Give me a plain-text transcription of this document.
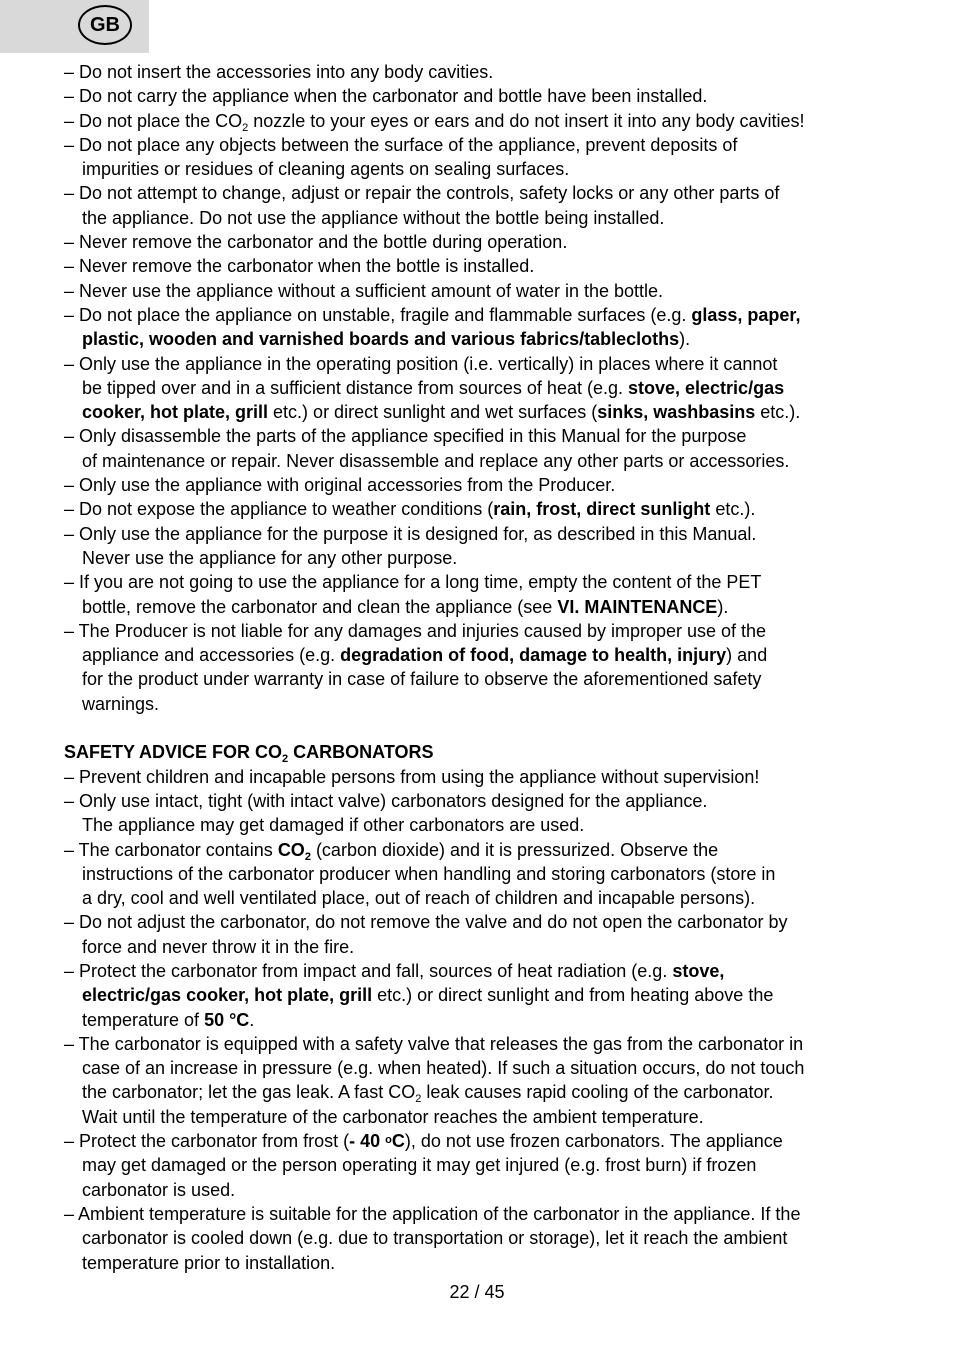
GB
– Do not insert the accessories into any body cavities.
– Do not carry the appliance when the carbonator and bottle have been installed.
– Do not place the $CO_2$ nozzle to your eyes or ears and do not insert it into any body cavities!
– Do not place any objects between the surface of the appliance, prevent deposits of
impurities or residues of cleaning agents on sealing surfaces.
– Do not attempt to change, adjust or repair the controls, safety locks or any other parts of
the appliance. Do not use the appliance without the bottle being installed.
– Never remove the carbonator and the bottle during operation.
– Never remove the carbonator when the bottle is installed.
– Never use the appliance without a sufficient amount of water in the bottle.
– Do not place the appliance on unstable, fragile and flammable surfaces (e.g. glass, paper,
plastic, wooden and varnished boards and various fabrics/tablecloths).
– Only use the appliance in the operating position (i.e. vertically) in places where it cannot
be tipped over and in a sufficient distance from sources of heat (e.g. stove, electric/gas
cooker, hot plate, grill etc.) or direct sunlight and wet surfaces (sinks, washbasins etc.).
– Only disassemble the parts of the appliance specified in this Manual for the purpose
of maintenance or repair. Never disassemble and replace any other parts or accessories.
– Only use the appliance with original accessories from the Producer.
– Do not expose the appliance to weather conditions (rain, frost, direct sunlight etc.).
– Only use the appliance for the purpose it is designed for, as described in this Manual.
Never use the appliance for any other purpose.
– If you are not going to use the appliance for a long time, empty the content of the PET
bottle, remove the carbonator and clean the appliance (see VI. MAINTENANCE).
– The Producer is not liable for any damages and injuries caused by improper use of the
appliance and accessories (e.g. degradation of food, damage to health, injury) and
for the product under warranty in case of failure to observe the aforementioned safety
warnings.
SAFETY ADVICE FOR $CO_2$ CARBONATORS
– Prevent children and incapable persons from using the appliance without supervision!
– Only use intact, tight (with intact valve) carbonators designed for the appliance.
The appliance may get damaged if other carbonators are used.
– The carbonator contains $CO_2$ (carbon dioxide) and it is pressurized. Observe the
instructions of the carbonator producer when handling and storing carbonators (store in
a dry, cool and well ventilated place, out of reach of children and incapable persons).
– Do not adjust the carbonator, do not remove the valve and do not open the carbonator by
force and never throw it in the fire.
– Protect the carbonator from impact and fall, sources of heat radiation (e.g. stove,
electric/gas cooker, hot plate, grill etc.) or direct sunlight and from heating above the
temperature of 50 °C.
– The carbonator is equipped with a safety valve that releases the gas from the carbonator in
case of an increase in pressure (e.g. when heated). If such a situation occurs, do not touch
the carbonator; let the gas leak. A fast $CO_2$ leak causes rapid cooling of the carbonator.
Wait until the temperature of the carbonator reaches the ambient temperature.
– Protect the carbonator from frost (- 40 $^o$C), do not use frozen carbonators. The appliance
may get damaged or the person operating it may get injured (e.g. frost burn) if frozen
carbonator is used.
– Ambient temperature is suitable for the application of the carbonator in the appliance. If the
carbonator is cooled down (e.g. due to transportation or storage), let it reach the ambient
temperature prior to installation.
22 / 45
